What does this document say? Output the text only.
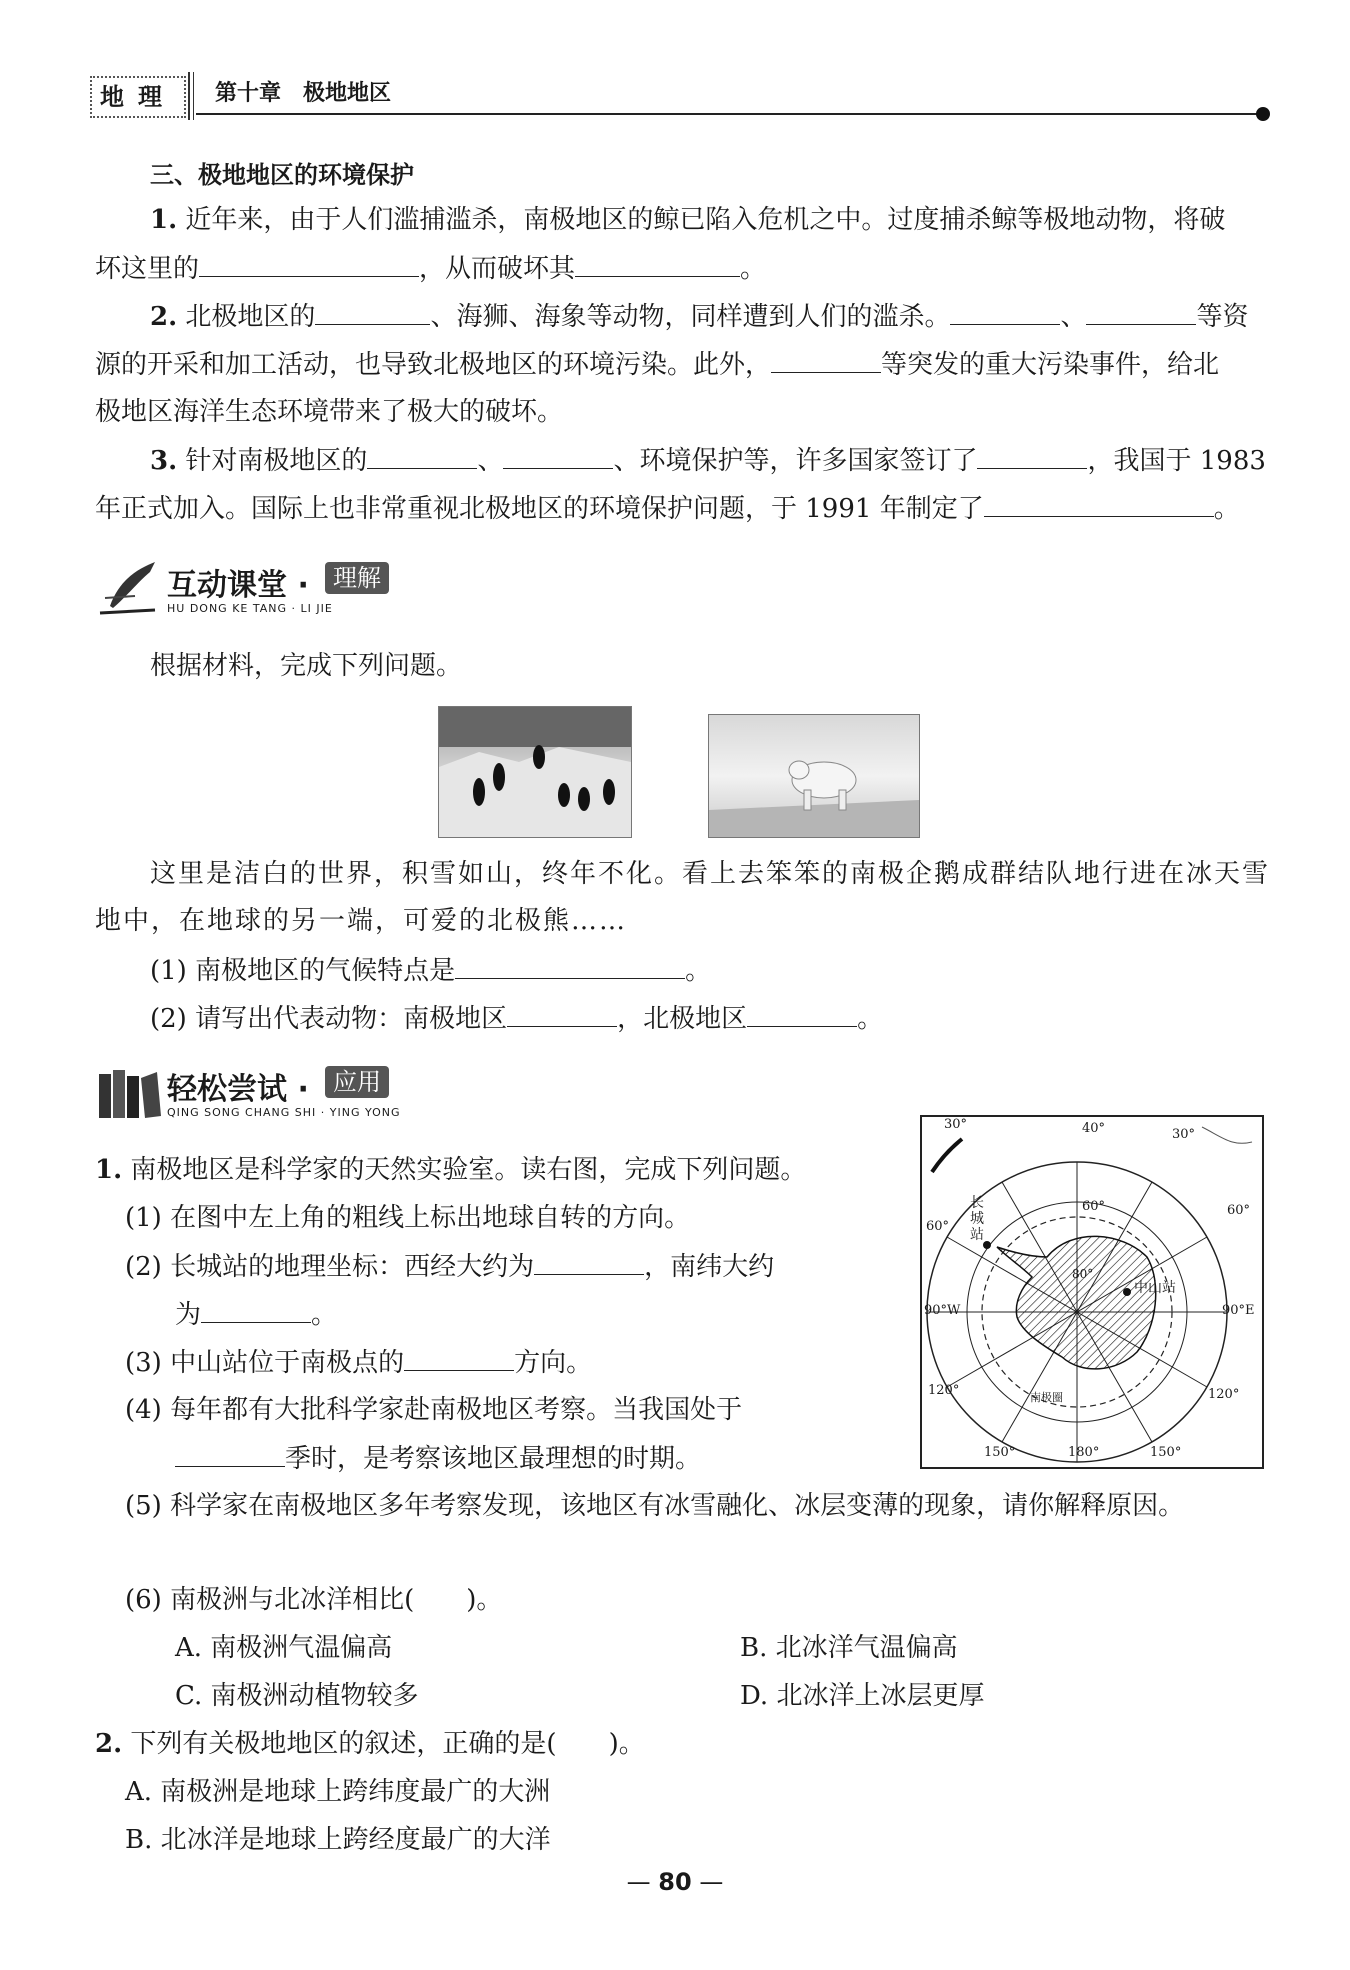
地理	第十章　极地地区
三、极地地区的环境保护
1. 近年来，由于人们滥捕滥杀，南极地区的鲸已陷入危机之中。过度捕杀鲸等极地动物，将破
坏这里的	，从而破坏其	。
2. 北极地区的	、海狮、海象等动物，同样遭到人们的滥杀。	、	等资
源的开采和加工活动，也导致北极地区的环境污染。此外，	等突发的重大污染事件，给北
极地区海洋生态环境带来了极大的破坏。
3. 针对南极地区的	、	、环境保护等，许多国家签订了	，我国于 1983
年正式加入。国际上也非常重视北极地区的环境保护问题，于 1991 年制定了	。
互动课堂 ·	理解
HU DONG KE TANG · LI JIE
根据材料，完成下列问题。
这里是洁白的世界，积雪如山，终年不化。看上去笨笨的南极企鹅成群结队地行进在冰天雪
地中，在地球的另一端，可爱的北极熊……
(1) 南极地区的气候特点是	。
(2) 请写出代表动物：南极地区	，北极地区	。
轻松尝试 ·	应用
QING SONG CHANG SHI · YING YONG
1. 南极地区是科学家的天然实验室。读右图，完成下列问题。
(1) 在图中左上角的粗线上标出地球自转的方向。
(2) 长城站的地理坐标：西经大约为	，南纬大约
为	。
(3) 中山站位于南极点的	方向。
(4) 每年都有大批科学家赴南极地区考察。当我国处于
季时，是考察该地区最理想的时期。
(5) 科学家在南极地区多年考察发现，该地区有冰雪融化、冰层变薄的现象，请你解释原因。
(6) 南极洲与北冰洋相比(　　)。
A. 南极洲气温偏高	B. 北冰洋气温偏高
C. 南极洲动植物较多	D. 北冰洋上冰层更厚
2. 下列有关极地地区的叙述，正确的是(　　)。
A. 南极洲是地球上跨纬度最广的大洲
B. 北冰洋是地球上跨经度最广的大洋
30°	40°	30°
60°
60°
60°
长城站
80°
中山站
90°W	90°E
120°	120°
南极圈
150°	180°	150°
— 80 —
